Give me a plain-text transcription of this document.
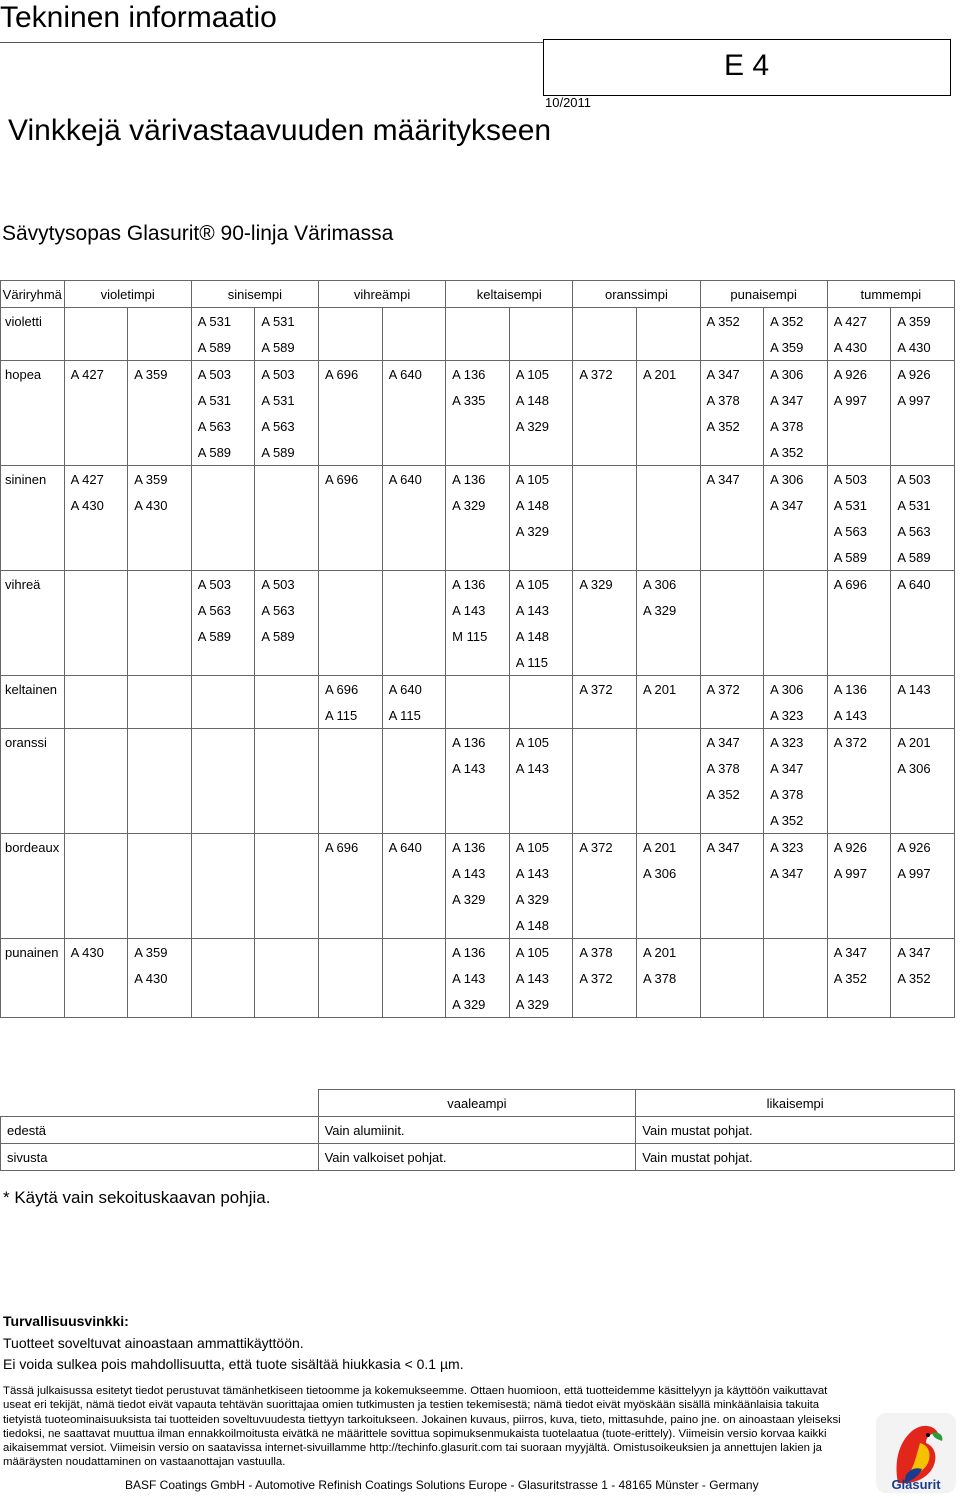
Tekninen informaatio
E 4
10/2011
Vinkkejä värivastaavuuden määritykseen
Sävytysopas Glasurit® 90-linja Värimassa
Väriryhmä	violetimpi		sinisempi		vihreämpi		keltaisempi		oranssimpi		punaisempi		tummempi	
violetti			A 531	A 531							A 352	A 352	A 427	A 359
			A 589	A 589								A 359	A 430	A 430
hopea	A 427	A 359	A 503	A 503	A 696	A 640	A 136	A 105	A 372	A 201	A 347	A 306	A 926	A 926
			A 531	A 531			A 335	A 148			A 378	A 347	A 997	A 997
			A 563	A 563				A 329			A 352	A 378		
			A 589	A 589								A 352		
sininen	A 427	A 359			A 696	A 640	A 136	A 105			A 347	A 306	A 503	A 503
	A 430	A 430					A 329	A 148				A 347	A 531	A 531
								A 329					A 563	A 563
													A 589	A 589
vihreä			A 503	A 503			A 136	A 105	A 329	A 306			A 696	A 640
			A 563	A 563			A 143	A 143		A 329				
			A 589	A 589			M 115	A 148						
								A 115						
keltainen					A 696	A 640			A 372	A 201	A 372	A 306	A 136	A 143
					A 115	A 115						A 323	A 143	
oranssi							A 136	A 105			A 347	A 323	A 372	A 201
							A 143	A 143			A 378	A 347		A 306
											A 352	A 378		
												A 352		
bordeaux					A 696	A 640	A 136	A 105	A 372	A 201	A 347	A 323	A 926	A 926
							A 143	A 143		A 306		A 347	A 997	A 997
							A 329	A 329						
								A 148						
punainen	A 430	A 359					A 136	A 105	A 378	A 201			A 347	A 347
		A 430					A 143	A 143	A 372	A 378			A 352	A 352
							A 329	A 329						
	vaaleampi	likaisempi
edestä	Vain alumiinit.	Vain mustat pohjat.
sivusta	Vain valkoiset pohjat.	Vain mustat pohjat.
* Käytä vain sekoituskaavan pohjia.
Turvallisuusvinkki:
Tuotteet soveltuvat ainoastaan ammattikäyttöön.
Ei voida sulkea pois mahdollisuutta, että tuote sisältää hiukkasia < 0.1 µm.
Tässä julkaisussa esitetyt tiedot perustuvat tämänhetkiseen tietoomme ja kokemukseemme. Ottaen huomioon, että tuotteidemme käsittelyyn ja käyttöön vaikuttavat useat eri tekijät, nämä tiedot eivät vapauta tehtävän suorittajaa omien tutkimusten ja testien tekemisestä; nämä tiedot eivät myöskään sisällä minkäänlaisia takuita tietyistä tuoteominaisuuksista tai tuotteiden soveltuvuudesta tiettyyn tarkoitukseen. Jokainen kuvaus, piirros, kuva, tieto, mittasuhde, paino jne. on ainoastaan yleiseksi tiedoksi, ne saattavat muuttua ilman ennakkoilmoitusta eivätkä ne määrittele sovittua sopimuksenmukaista tuotelaatua (tuote-erittely). Viimeisin versio korvaa kaikki aikaisemmat versiot. Viimeisin versio on saatavissa internet-sivuillamme http://techinfo.glasurit.com tai suoraan myyjältä. Omistusoikeuksien ja annettujen lakien ja määräysten noudattaminen on vastaanottajan vastuulla.
BASF Coatings GmbH - Automotive Refinish Coatings Solutions Europe - Glasuritstrasse 1 - 48165 Münster - Germany	Glasurit
